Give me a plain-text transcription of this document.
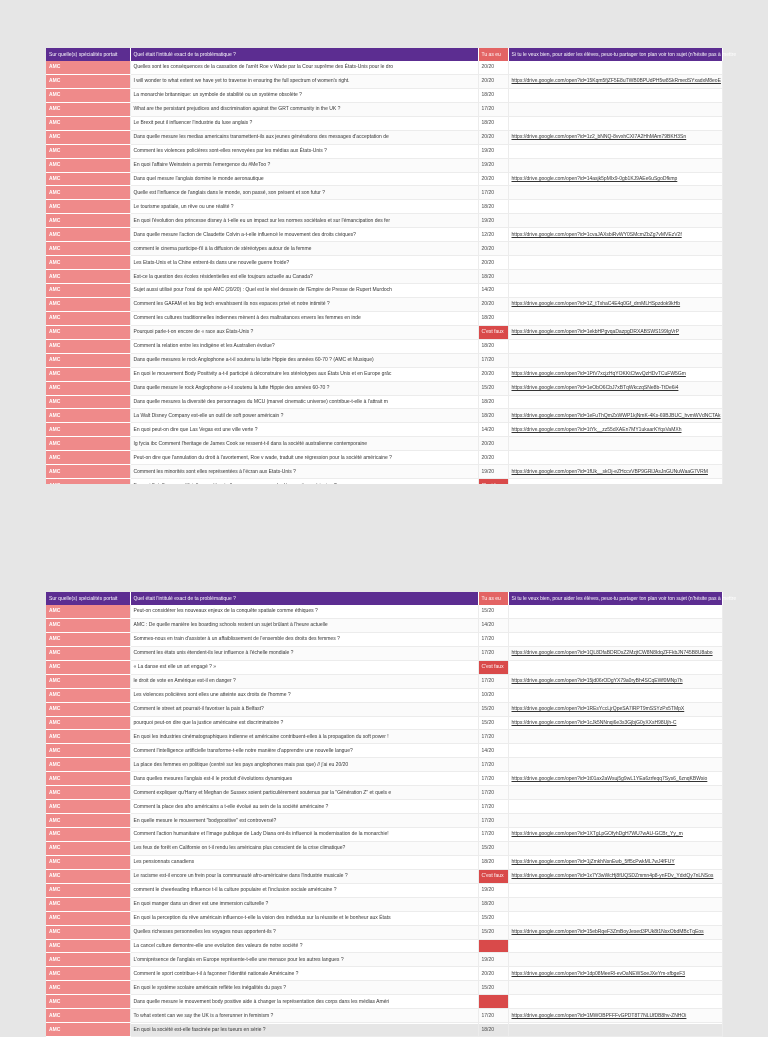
Sur quelle(s) spécialités portait	Quel était l'intitulé exact de ta problématique ?	Tu as eu	Si tu le veux bien, pour aider les élèves, peux-tu partager ton plan voir ton sujet (n'hésite pas à mettre
AMC	Quelles sont les conséquences de la cassation de l'arrêt Roe v Wade par la Cour suprême des États-Unis pour le dro	20/20	
AMC	I will wonder to what extent we have yet to traverse in ensuring the full spectrum of women's right.	20/20	https://drive.google.com/open?id=15Kqm5fjZF5E8uTWB0BPUdPH5w8SkRmedSYxadxM8eoE
AMC	La monarchie britannique: un symbole de stabilité ou un système obsolète ?	18/20	
AMC	What are the persistant prejudices and discrimination against the GRT community in the UK ?	17/20	
AMC	Le Brexit peut il influencer l'industrie du luxe anglais ?	18/20	
AMC	Dans quelle mesure les medias americains transmettent-ils aux jeunes générations des messages d'acceptation de	20/20	https://drive.google.com/open?id=1z2_bNNQ-8vvxhCXI7A2HhMAm79BKH3Sn
AMC	Comment les violences policières sont-elles renvoyées par les médias aux États-Unis ?	19/20	
AMC	En quoi l'affaire Weinstein a permis l'emergence du #MeToo ?	19/20	
AMC	Dans quel mesure l'anglais domine le monde aeronautique	20/20	https://drive.google.com/open?id=14asjk5pMIx9-0gb1KJ9AEe6uSgoDfkmp
AMC	Quelle est l'influence de l'anglais dans le monde, son passé, son présent et son futur ?	17/20	
AMC	Le tourisme spatiale, un rêve ou une réalité ?	18/20	
AMC	En quoi l'évolution des princesse disney à t-elle eu un impact sur les normes sociétales et sur l'émancipation des fer	19/20	
AMC	Dans quelle mesure l'action de Claudette Colvin a-t-elle influencé le mouvement des droits civiques?	12/20	https://drive.google.com/open?id=1cvaJAXsbiRvWY0SMcmZbZg7vMVEzV2f
AMC	comment le cinema participe-t'il à la diffusion de stéréotypes autour de la femme	20/20	
AMC	Les Etats-Unis et la Chine entrent-ils dans une nouvelle guerre froide?	20/20	
AMC	Est-ce la question des écoles résidentielles est elle toujours actuelle au Canada?	18/20	
AMC	Sujet aussi utilisé pour l'oral de spé AMC (20/20) : Quel est le réel dessein de l'Empire de Presse de Rupert Murdoch	14/20	
AMC	Comment les GAFAM et les big tech envahissent ils nos espaces privé et notre intimité ?	20/20	https://drive.google.com/open?id=1Z_tTxhaC4E4q0Gf_drnMLHSpzdok9kHb
AMC	Comment les cultures traditionnelles indiennes mènent à des maltraitances envers les femmes en inde	18/20	
AMC	Pourquoi parle-t-on encore de « race aux États-Unis ?	C'est faux	https://drive.google.com/open?id=1ekbHPgvqaDazpgDRXABSWS199IgVrP
AMC	Comment la relation entre les indigène et les Australien évolue?	18/20	
AMC	Dans quelle mesures le rock Anglophone a-t-il soutenu la lutte Hippie des années 60-70 ? (AMC et Musique)	17/20	
AMC	En quoi le mouvement Body Positivity a-t-il participé à déconstruire les stéréotypes aux États Unis et en Europe grâc	20/20	https://drive.google.com/open?id=1PtV7xcjzHqYOKKtCfwvQzHDvTCuFW5Gm
AMC	Dans quelle mesure le rock Anglophone a-t-il soutenu la lutte Hippie des années 60-70 ?	15/20	https://drive.google.com/open?id=1eObO6CbJ7xBTqWkczqSNe8b-TtDe6i4
AMC	Dans quelle mesures la diversité des personnages du MCU (marvel cinematic universe) contribue-t-elle à l'attrait m	18/20	
AMC	La Walt Disney Company est-elle un outil de soft power américain ?	18/20	https://drive.google.com/open?id=1eFuThQmZxWWP1kjNmK-4Ks-69BJBUC_hvmWVdNCTAk
AMC	En quoi peut-on dire que Las Vegas est une ville verte ?	14/20	https://drive.google.com/open?id=1tYk__zz55dXAEn7MY1ukaarKYqsVaMXh
AMC	Ig fycia ibc Comment l'heritage de James Cook se ressent-t-il dans la société australienne contemporaine	20/20	
AMC	Peut-on dire que l'annulation du droit à l'avortement, Roe v wade, traduit une régression pour la société américaine ?	20/20	
AMC	Comment les minorités sont elles représentées à l'écran aux Etats-Unis ?	19/20	https://drive.google.com/open?id=1fUk__skOj-eZHccvVBP9GRlJAsJnGUNuWaaG7VRM

Sur quelle(s) spécialités portait	Quel était l'intitulé exact de ta problématique ?	Tu as eu	Si tu le veux bien, pour aider les élèves, peux-tu partager ton plan voir ton sujet (n'hésite pas à mettre
AMC	Peut-on considérer les nouveaux enjeux de la conquête spatiale comme éthiques ?	15/20	
AMC	AMC : De quelle manière les boarding schools restent un sujet brûlant à l'heure actuelle	14/20	
AMC	Sommes-nous en train d'assister à un affaiblissement de l'ensemble des droits des femmes ?	17/20	
AMC	Comment les états unis étendent-ils leur influence à l'échelle mondiale ?	17/20	https://drive.google.com/open?id=1QL8DfaBDRDsZ2MzjtCW8N8IdqZFFkbJN745B8U8abo
AMC	« La danse est elle un art engagé ? »	C'est faux	
AMC	le droit de vote en Amérique est-il en danger ?	17/20	https://drive.google.com/open?id=15jd06rODgYX79a0ryBh4SCqEWf0MNp7h
AMC	Les violences policières sont elles une atteinte aux droits de l'homme ?	10/20	
AMC	Comment le street art pourrait-il favoriser la paix à Belfast?	15/20	https://drive.google.com/open?id=1REsYccLjrQpeSA7lRPT9mSSYzPx5TMpX
AMC	pourquoi peut-on dire que la justice américaine est discriminatoire ?	15/20	https://drive.google.com/open?id=1cJk5NNnqi6e3s3GjbjG0yXXsH98Ujh-C
AMC	En quoi les industries cinématographiques indienne et américaine contribuent-elles à la propagation du soft power !	17/20	
AMC	Comment l'intelligence artificielle transforme-t-elle notre manière d'apprendre une nouvelle langue?	14/20	
AMC	La place des femmes en politique (centré sur les pays anglophones mais pas que) // j'ai eu 20/20	17/20	
AMC	Dans quelles mesures l'anglais est-il le produit d'évolutions dynamiques	17/20	https://drive.google.com/open?id=1t01ax2aWsuj5g9wL1YEa6zrfeqq7Sys6_6znqKBWsio
AMC	Comment expliquer qu'Harry et Meghan de Sussex soient particulièrement soutenus par la "Génération Z" et quels e	17/20	
AMC	Comment la place des afro américains a t-elle évolué au sein de la société américaine ?	17/20	
AMC	En quelle mesure le mouvement "bodypositive" est controversé?	17/20	
AMC	Comment l'action humanitaire et l'image publique de Lady Diana ont-ils influencé la modernisation de la monarchie!	17/20	https://drive.google.com/open?id=1XTgLpGOfyhDgH7WU7wAU-GCBr_Yy_m
AMC	Les feux de forêt en Californie on t-il rendu les américains plus conscient de la crise climatique?	15/20	
AMC	Les pensionnats canadiens	18/20	https://drive.google.com/open?id=1jZmkhNsnEwb_5ff5cPwkML7wJ4fFUY
AMC	Le racisme est-il encore un frein pour la communauté afro-américaine dans l'industrie musicale ?	C'est faux	https://drive.google.com/open?id=1x7Y3wWcHj8fUQSDZmmn4p8-ynFDv_YdxtQy7nLNSos
AMC	comment le cheerleading influence t-il la culture populaire et l'inclusion sociale américaine ?	19/20	
AMC	En quoi manger dans un diner est une immersion culturelle ?	18/20	
AMC	En quoi la perception du rêve américain influence-t-elle la vision des individus sur la réussite et le bonheur aux États	15/20	
AMC	Quelles richesses personnelles les voyages nous apportent-ils ?	15/20	https://drive.google.com/open?id=15ebRqeF3ZmBoyJesed3PUk8t1NsxObdMBcTqEos
AMC	La cancel culture demontre-elle une evolution des valeurs de notre société ?		
AMC	L'omniprésence de l'anglais en Europe représente-t-elle une menace pour les autres langues ?	19/20	
AMC	Comment le sport contribue-t-il à façonner l'identité nationale Américaine ?	20/20	https://drive.google.com/open?id=1dp08MeeRl-evOaNEWSoeJXeYm-sfbgeF3
AMC	En quoi le système scolaire américain reflète les inégalités du pays ?	15/20	
AMC	Dans quelle mesure le mouvement body positive aide à changer la représentation des corps dans les médias Améri		
AMC	To what extent can we say the UK is a forerunner in feminism ?	17/20	https://drive.google.com/open?id=1MWOBPFFFvGPDT8T7NLUfDB8hv-ZNHOi
AMC	En quoi la société est-elle fascinée par les tueurs en série ?	18/20	
